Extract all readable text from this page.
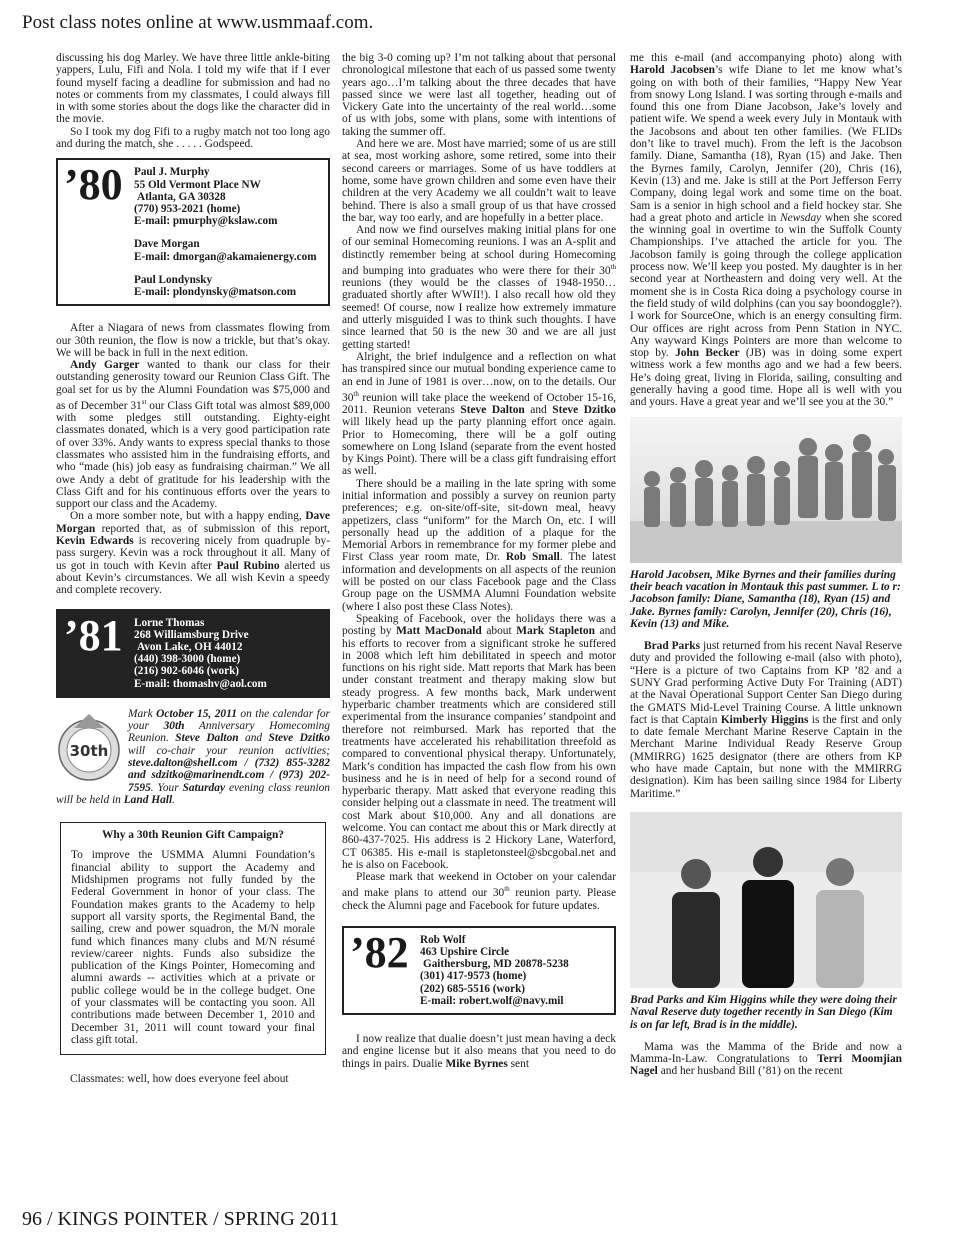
Post class notes online at www.usmmaaf.com.

discussing his dog Marley. We have three little ankle-biting yappers, Lulu, Fifi and Nola. I told my wife that if I ever found myself facing a deadline for submission and had no notes or comments from my classmates, I could always fill in with some stories about the dogs like the character did in the movie.

So I took my dog Fifi to a rugby match not too long ago and during the match, she . . . . . Godspeed.

’80 Paul J. Murphy
55 Old Vermont Place NW
Atlanta, GA 30328
(770) 953-2021 (home)
E-mail: pmurphy@kslaw.com
Dave Morgan
E-mail: dmorgan@akamaienergy.com
Paul Londynsky
E-mail: plondynsky@matson.com

After a Niagara of news from classmates flowing from our 30th reunion, the flow is now a trickle, but that’s okay. We will be back in full in the next edition.

Andy Garger wanted to thank our class for their outstanding generosity toward our Reunion Class Gift. The goal set for us by the Alumni Foundation was $75,000 and as of December 31st our Class Gift total was almost $89,000 with some pledges still outstanding. Eighty-eight classmates donated, which is a very good participation rate of over 33%. Andy wants to express special thanks to those classmates who assisted him in the fundraising efforts, and who “made (his) job easy as fundraising chairman.” We all owe Andy a debt of gratitude for his leadership with the Class Gift and for his continuous efforts over the years to support our class and the Academy.

On a more somber note, but with a happy ending, Dave Morgan reported that, as of submission of this report, Kevin Edwards is recovering nicely from quadruple by-pass surgery. Kevin was a rock throughout it all. Many of us got in touch with Kevin after Paul Rubino alerted us about Kevin’s circumstances. We all wish Kevin a speedy and complete recovery.

’81 Lorne Thomas
268 Williamsburg Drive
Avon Lake, OH 44012
(440) 398-3000 (home)
(216) 902-6046 (work)
E-mail: thomashv@aol.com
30th

Mark October 15, 2011 on the calendar for your 30th Anniversary Homecoming Reunion. Steve Dalton and Steve Dzitko will co-chair your reunion activities; steve.dalton@shell.com / (732) 855-3282 and sdzitko@marinendt.com / (973) 202-7595. Your Saturday evening class reunion will be held in Land Hall.

Why a 30th Reunion Gift Campaign?

To improve the USMMA Alumni Foundation’s financial ability to support the Academy and Midshipmen programs not fully funded by the Federal Government in honor of your class. The Foundation makes grants to the Academy to help support all varsity sports, the Regimental Band, the sailing, crew and power squadron, the M/N morale fund which finances many clubs and M/N résumé review/career nights. Funds also subsidize the publication of the Kings Pointer, Homecoming and alumni awards -- activities which at a private or public college would be in the college budget. One of your classmates will be contacting you soon. All contributions made between December 1, 2010 and December 31, 2011 will count toward your final class gift total.

Classmates: well, how does everyone feel about

the big 3-0 coming up? I’m not talking about that personal chronological milestone that each of us passed some twenty years ago…I’m talking about the three decades that have passed since we were last all together, heading out of Vickery Gate into the uncertainty of the real world…some of us with jobs, some with plans, some with intentions of taking the summer off.

And here we are. Most have married; some of us are still at sea, most working ashore, some retired, some into their second careers or marriages. Some of us have toddlers at home, some have grown children and some even have their children at the very Academy we all couldn’t wait to leave behind. There is also a small group of us that have crossed the bar, way too early, and are hopefully in a better place.

And now we find ourselves making initial plans for one of our seminal Homecoming reunions. I was an A-split and distinctly remember being at school during Homecoming and bumping into graduates who were there for their 30th reunions (they would be the classes of 1948-1950…graduated shortly after WWII!). I also recall how old they seemed! Of course, now I realize how extremely immature and utterly misguided I was to think such thoughts. I have since learned that 50 is the new 30 and we are all just getting started!

Alright, the brief indulgence and a reflection on what has transpired since our mutual bonding experience came to an end in June of 1981 is over…now, on to the details. Our 30th reunion will take place the weekend of October 15-16, 2011. Reunion veterans Steve Dalton and Steve Dzitko will likely head up the party planning effort once again. Prior to Homecoming, there will be a golf outing somewhere on Long Island (separate from the event hosted by Kings Point). There will be a class gift fundraising effort as well.

There should be a mailing in the late spring with some initial information and possibly a survey on reunion party preferences; e.g. on-site/off-site, sit-down meal, heavy appetizers, class “uniform” for the March On, etc. I will personally head up the addition of a plaque for the Memorial Arbors in remembrance for my former plebe and First Class year room mate, Dr. Rob Small. The latest information and developments on all aspects of the reunion will be posted on our class Facebook page and the Class Group page on the USMMA Alumni Foundation website (where I also post these Class Notes).

Speaking of Facebook, over the holidays there was a posting by Matt MacDonald about Mark Stapleton and his efforts to recover from a significant stroke he suffered in 2008 which left him debilitated in speech and motor functions on his right side. Matt reports that Mark has been under constant treatment and therapy making slow but steady progress. A few months back, Mark underwent hyperbaric chamber treatments which are considered still experimental from the insurance companies’ standpoint and therefore not reimbursed. Mark has reported that the treatments have accelerated his rehabilitation threefold as compared to conventional physical therapy. Unfortunately, Mark’s condition has impacted the cash flow from his own business and he is in need of help for a second round of hyperbaric therapy. Matt asked that everyone reading this consider helping out a classmate in need. The treatment will cost Mark about $10,000. Any and all donations are welcome. You can contact me about this or Mark directly at 860-437-7025. His address is 2 Hickory Lane, Waterford, CT 06385. His e-mail is stapletonsteel@sbcgobal.net and he is also on Facebook.

Please mark that weekend in October on your calendar and make plans to attend our 30th reunion party. Please check the Alumni page and Facebook for future updates.

’82 Rob Wolf
463 Upshire Circle
Gaithersburg, MD 20878-5238
(301) 417-9573 (home)
(202) 685-5516 (work)
E-mail: robert.wolf@navy.mil

I now realize that dualie doesn’t just mean having a deck and engine license but it also means that you need to do things in pairs. Dualie Mike Byrnes sent

me this e-mail (and accompanying photo) along with Harold Jacobsen’s wife Diane to let me know what’s going on with both of their families, “Happy New Year from snowy Long Island. I was sorting through e-mails and found this one from Diane Jacobson, Jake’s lovely and patient wife. We spend a week every July in Montauk with the Jacobsons and about ten other families. (We FLIDs don’t like to travel much). From the left is the Jacobson family. Diane, Samantha (18), Ryan (15) and Jake. Then the Byrnes family, Carolyn, Jennifer (20), Chris (16), Kevin (13) and me. Jake is still at the Port Jefferson Ferry Company, doing legal work and some time on the boat. Sam is a senior in high school and a field hockey star. She had a great photo and article in Newsday when she scored the winning goal in overtime to win the Suffolk County Championships. I’ve attached the article for you. The Jacobson family is going through the college application process now. We’ll keep you posted. My daughter is in her second year at Northeastern and doing very well. At the moment she is in Costa Rica doing a psychology course in the field study of wild dolphins (can you say boondoggle?). I work for SourceOne, which is an energy consulting firm. Our offices are right across from Penn Station in NYC. Any wayward Kings Pointers are more than welcome to stop by. John Becker (JB) was in doing some expert witness work a few months ago and we had a few beers. He’s doing great, living in Florida, sailing, consulting and generally having a good time. Hope all is well with you and yours. Have a great year and we’ll see you at the 30.”

Harold Jacobsen, Mike Byrnes and their families during their beach vacation in Montauk this past summer. L to r: Jacobson family: Diane, Samantha (18), Ryan (15) and Jake. Byrnes family: Carolyn, Jennifer (20), Chris (16), Kevin (13) and Mike.

Brad Parks just returned from his recent Naval Reserve duty and provided the following e-mail (also with photo), “Here is a picture of two Captains from KP ’82 and a SUNY Grad performing Active Duty For Training (ADT) at the Naval Operational Support Center San Diego during the GMATS Mid-Level Training Course. A little unknown fact is that Captain Kimberly Higgins is the first and only to date female Merchant Marine Reserve Captain in the Merchant Marine Individual Ready Reserve Group (MMIRRG) 1625 designator (there are others from KP who have made Captain, but none with the MMIRRG designation). Kim has been sailing since 1984 for Liberty Maritime.”

Brad Parks and Kim Higgins while they were doing their Naval Reserve duty together recently in San Diego (Kim is on far left, Brad is in the middle).

Mama was the Mamma of the Bride and now a Mamma-In-Law. Congratulations to Terri Moomjian Nagel and her husband Bill (’81) on the recent

96 / KINGS POINTER / SPRING 2011
